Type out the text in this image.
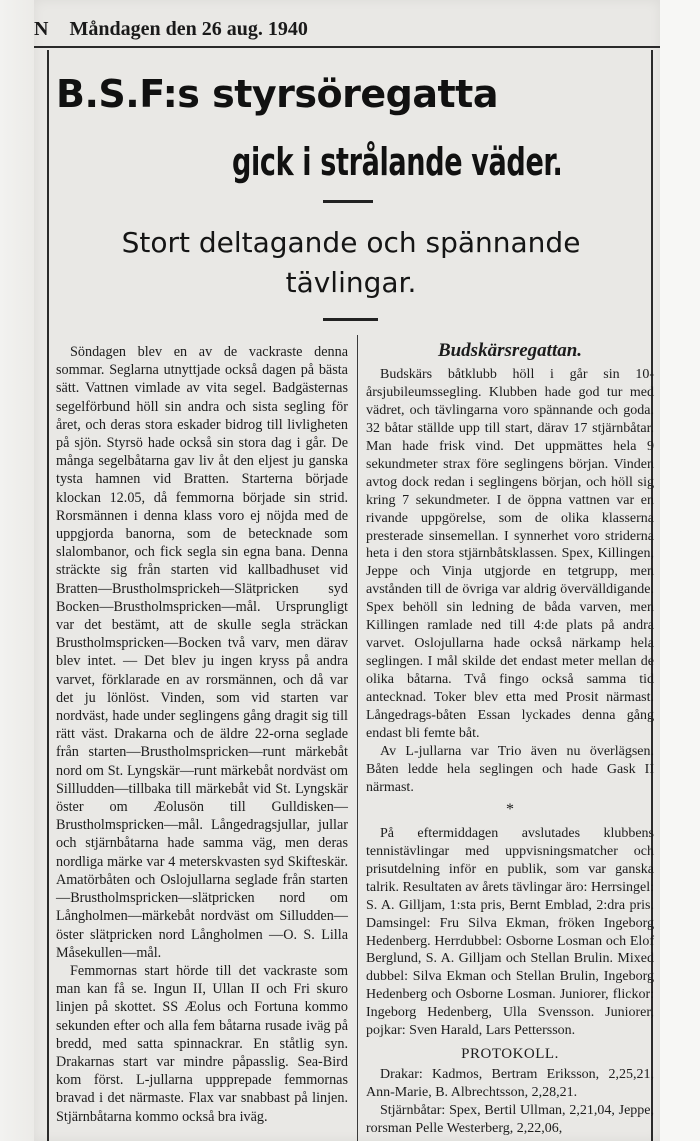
N Måndagen den 26 aug. 1940
B.S.F:s styrsöregatta
gick i strålande väder.
Stort deltagande och spännande
tävlingar.

Söndagen blev en av de vackraste denna sommar. Seglarna utnyttjade också dagen på bästa sätt. Vattnen vimlade av vita segel. Badgästernas segelförbund höll sin andra och sista segling för året, och deras stora eskader bidrog till livligheten på sjön. Styrsö hade också sin stora dag i går. De många segelbåtarna gav liv åt den eljest ju ganska tysta hamnen vid Bratten. Starterna började klockan 12.05, då femmorna började sin strid. Rorsmännen i denna klass voro ej nöjda med de uppgjorda banorna, som de betecknade som slalombanor, och fick segla sin egna bana. Denna sträckte sig från starten vid kallbadhuset vid Bratten—Brustholmsprickeh—Slätpricken syd Bocken—Brustholmspricken—mål. Ursprungligt var det bestämt, att de skulle segla sträckan Brustholmspricken—Bocken två varv, men därav blev intet. — Det blev ju ingen kryss på andra varvet, förklarade en av rorsmännen, och då var det ju lönlöst. Vinden, som vid starten var nordväst, hade under seglingens gång dragit sig till rätt väst. Drakarna och de äldre 22-orna seglade från starten—Brustholmspricken—runt märkebåt nord om St. Lyngskär—runt märkebåt nordväst om Sillludden—tillbaka till märkebåt vid St. Lyngskär öster om Æolusön till Gulldisken—Brustholmspricken—mål. Långedragsjullar, jullar och stjärnbåtarna hade samma väg, men deras nordliga märke var 4 meterskvasten syd Skifteskär. Amatörbåten och Oslojullarna seglade från starten—Brustholmspricken—slätpricken nord om Långholmen—märkebåt nordväst om Silludden—öster slätpricken nord Långholmen —O. S. Lilla Måsekullen—mål.

Femmornas start hörde till det vackraste som man kan få se. Ingun II, Ullan II och Fri skuro linjen på skottet. SS Æolus och Fortuna kommo sekunden efter och alla fem båtarna rusade iväg på bredd, med satta spinnackrar. En ståtlig syn. Drakarnas start var mindre påpasslig. Sea-Bird kom först. L-jullarna uppprepade femmornas bravad i det närmaste. Flax var snabbast på linjen. Stjärnbåtarna kommo också bra iväg.

Budskärsregattan.

Budskärs båtklubb höll i går sin 10-årsjubileumssegling. Klubben hade god tur med vädret, och tävlingarna voro spännande och goda. 32 båtar ställde upp till start, därav 17 stjärnbåtar. Man hade frisk vind. Det uppmättes hela 9 sekundmeter strax före seglingens början. Vinden avtog dock redan i seglingens början, och höll sig kring 7 sekundmeter. I de öppna vattnen var en rivande uppgörelse, som de olika klasserna presterade sinsemellan. I synnerhet voro striderna heta i den stora stjärnbåtsklassen. Spex, Killingen, Jeppe och Vinja utgjorde en tetgrupp, men avstånden till de övriga var aldrig övervälldigande. Spex behöll sin ledning de båda varven, men Killingen ramlade ned till 4:de plats på andra varvet. Oslojullarna hade också närkamp hela seglingen. I mål skilde det endast meter mellan de olika båtarna. Två fingo också samma tid antecknad. Toker blev etta med Prosit närmast. Långedrags-båten Essan lyckades denna gång endast bli femte båt.

Av L-jullarna var Trio även nu överlägsen. Båten ledde hela seglingen och hade Gask II närmast.

*

På eftermiddagen avslutades klubbens tennistävlingar med uppvisningsmatcher och prisutdelning inför en publik, som var ganska talrik. Resultaten av årets tävlingar äro: Herrsingel: S. A. Gilljam, 1:sta pris, Bernt Emblad, 2:dra pris. Damsingel: Fru Silva Ekman, fröken Ingeborg Hedenberg. Herrdubbel: Osborne Losman och Elof Berglund, S. A. Gilljam och Stellan Brulin. Mixed dubbel: Silva Ekman och Stellan Brulin, Ingeborg Hedenberg och Osborne Losman. Juniorer, flickor: Ingeborg Hedenberg, Ulla Svensson. Juniorer, pojkar: Sven Harald, Lars Pettersson.

PROTOKOLL.

Drakar: Kadmos, Bertram Eriksson, 2,25,21, Ann-Marie, B. Albrechtsson, 2,28,21.

Stjärnbåtar: Spex, Bertil Ullman, 2,21,04, Jeppe, rorsman Pelle Westerberg, 2,22,06,
